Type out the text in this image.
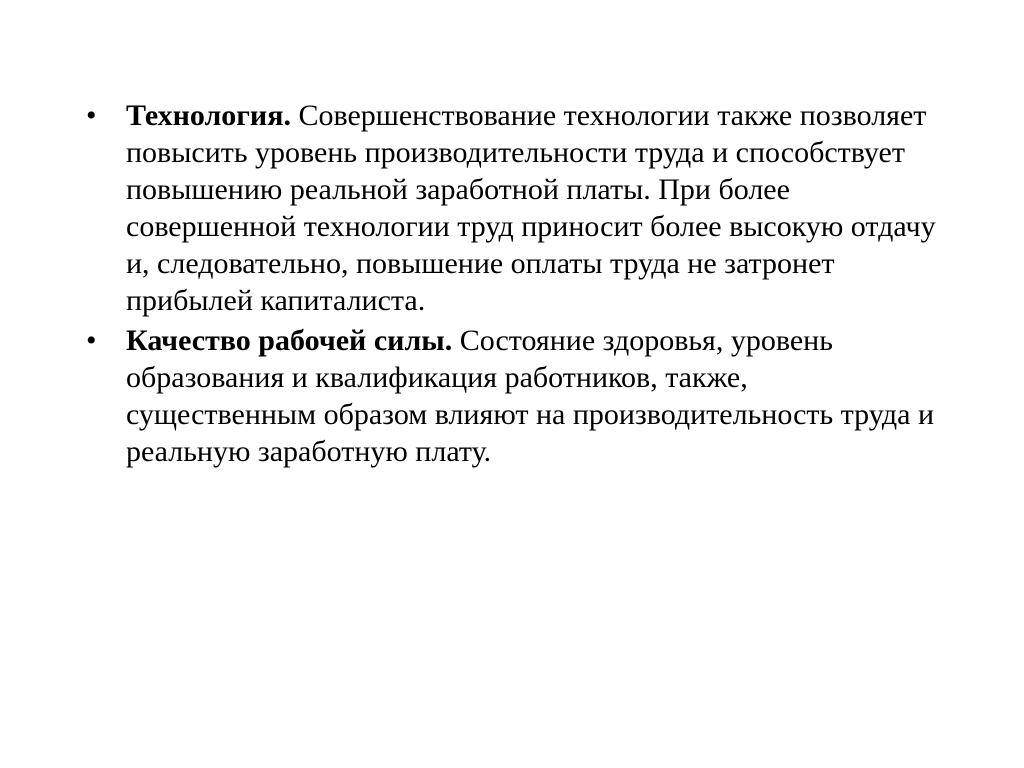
• Технология. Совершенствование технологии также позволяет повысить уровень производительности труда и способствует повышению реальной заработной платы. При более совершенной технологии труд приносит более высокую отдачу и, следовательно, повышение оплаты труда не затронет прибылей капиталиста.
• Качество рабочей силы. Состояние здоровья, уровень образования и квалификация работников, также, существенным образом влияют на производительность труда и реальную заработную плату.
